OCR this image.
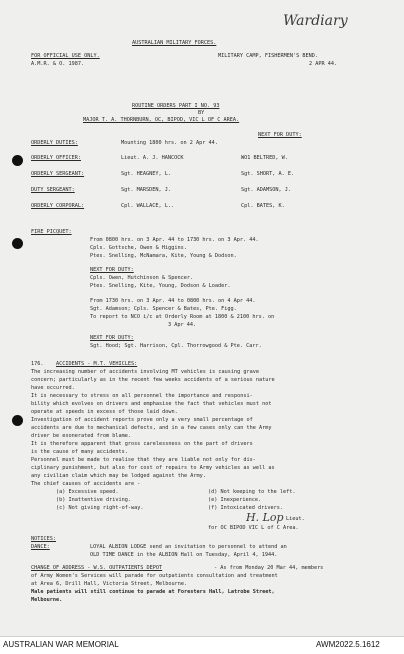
Wardiary
AUSTRALIAN MILITARY FORCES.
FOR OFFICIAL USE ONLY.
A.M.R. & O. 1987.
MILITARY CAMP, FISHERMEN'S BEND.
2 APR 44.
ROUTINE ORDERS PART I NO. 93
BY
MAJOR T. A. THORNBURN, OC, BIPOD, VIC L OF C AREA.
NEXT FOR DUTY:
ORDERLY DUTIES:	Mounting 1800 hrs. on 2 Apr 44.
ORDERLY OFFICER:	Lieut. A. J. HANCOCK	WO1 BELTRED, W.
ORDERLY SERGEANT:	Sgt. HEAGNEY, L.	Sgt. SHORT, A. E.
DUTY SERGEANT:	Sgt. MARSDEN, J.	Sgt. ADAMSON, J.
ORDERLY CORPORAL:	Cpl. WALLACE, L..	Cpl. BATES, K.
FIRE PICQUET:
From 0800 hrs. on 3 Apr. 44 to 1730 hrs. on 3 Apr. 44.
Cpls. Gottsche, Owen & Higgins.
Ptes. Snelling, McNamara, Kite, Young & Dodson.
NEXT FOR DUTY:
Cpls. Owen, Hutchinson & Spencer.
Ptes. Snelling, Kite, Young, Dodson & Loader.
From 1730 hrs. on 3 Apr. 44 to 0800 hrs. on 4 Apr 44.
Sgt. Adamson; Cpls. Spencer & Bates, Pte. Figg.
To report to NCO i/c at Orderly Room at 1800 & 2100 hrs. on
3 Apr 44.
NEXT FOR DUTY:
Sgt. Hood; Sgt. Harrison, Cpl. Thorrowgood & Pte. Carr.
176. ACCIDENTS - M.T. VEHICLES:
The increasing number of accidents involving MT vehicles is causing grave
concern; particularly as in the recent few weeks accidents of a serious nature
have occurred.
It is necessary to stress on all personnel the importance and responsi-
bility which evolves on drivers and emphasise the fact that vehicles must not
operate at speeds in excess of those laid down.
Investigation of accident reports prove only a very small percentage of
accidents are due to mechanical defects, and in a few cases only can the Army
driver be exonerated from blame.
It is therefore apparent that gross carelessness on the part of drivers
is the cause of many accidents.
Personnel must be made to realise that they are liable not only for dis-
ciplinary punishment, but also for cost of repairs to Army vehicles as well as
any civilian claim which may be lodged against the Army.
The chief causes of accidents are -
(a) Excessive speed.	(d) Not keeping to the left.
(b) Inattentive driving.	(e) Inexperience.
(c) Not giving right-of-way.	(f) Intoxicated drivers.
H. Lop Lieut.
for OC BIPOD VIC L of C Area.
NOTICES:
DANCE:	LOYAL ALBION LODGE send an invitation to personnel to attend an
OLD TIME DANCE in the ALBION Hall on Tuesday, April 4, 1944.
CHANGE OF ADDRESS - W.S. OUTPATIENTS DEPOT	- As from Monday 20 Mar 44, members
of Army Women's Services will parade for outpatients consultation and treatment
at Area 6, Drill Hall, Victoria Street, Melbourne.
Male patients will still continue to parade at Foresters Hall, Latrobe Street,
Melbourne.
AUSTRALIAN WAR MEMORIAL	AWM2022.5.1612
